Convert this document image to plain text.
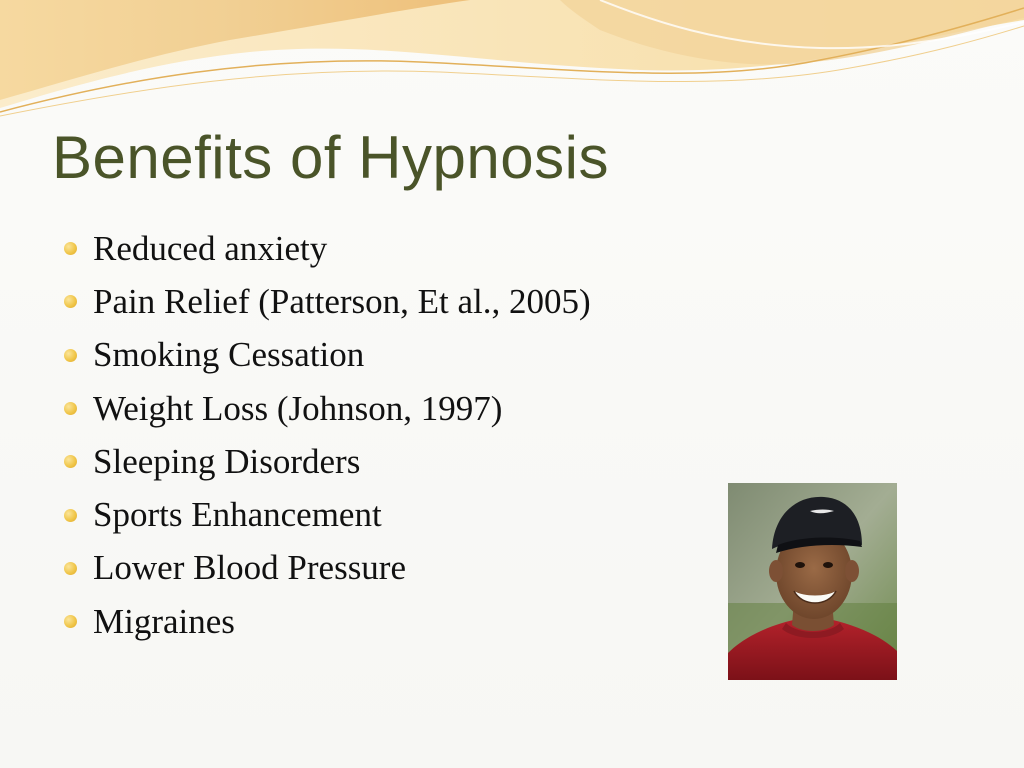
Benefits of Hypnosis
Reduced anxiety
Pain Relief (Patterson, Et al., 2005)
Smoking Cessation
Weight Loss (Johnson, 1997)
Sleeping Disorders
Sports Enhancement
Lower Blood Pressure
Migraines
